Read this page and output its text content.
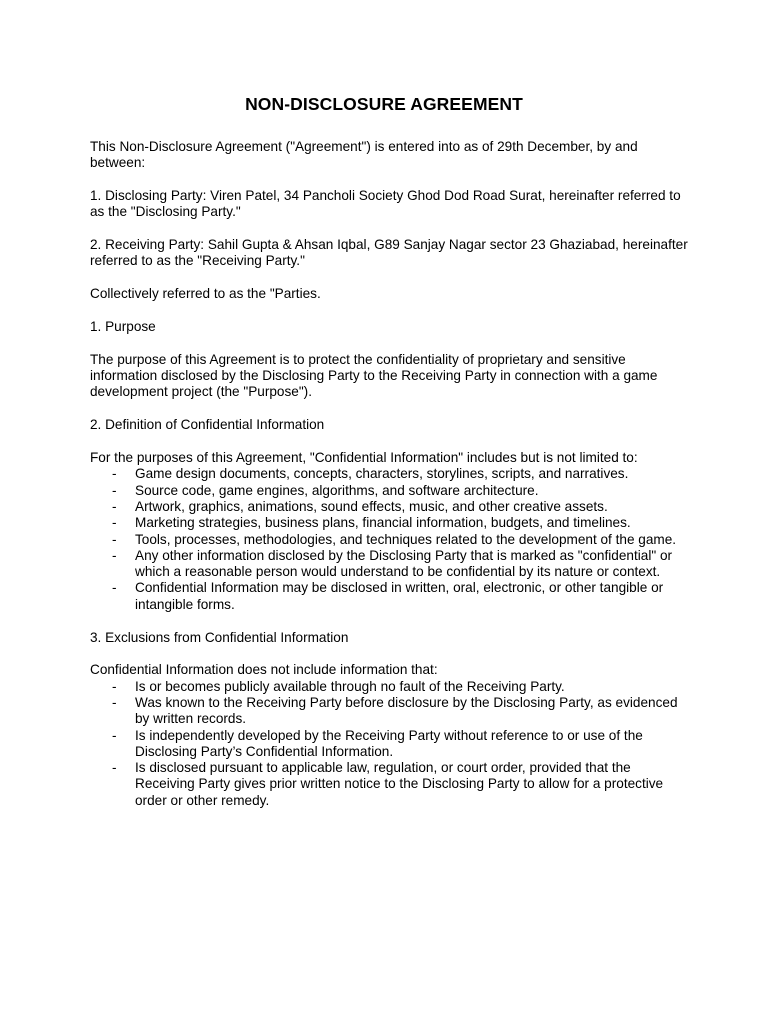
NON-DISCLOSURE AGREEMENT

This Non-Disclosure Agreement ("Agreement") is entered into as of 29th December, by and between:

1. Disclosing Party: Viren Patel, 34 Pancholi Society Ghod Dod Road Surat, hereinafter referred to as the "Disclosing Party."

2. Receiving Party: Sahil Gupta & Ahsan Iqbal, G89 Sanjay Nagar sector 23 Ghaziabad, hereinafter referred to as the "Receiving Party."

Collectively referred to as the "Parties.

1. Purpose

The purpose of this Agreement is to protect the confidentiality of proprietary and sensitive information disclosed by the Disclosing Party to the Receiving Party in connection with a game development project (the "Purpose").

2. Definition of Confidential Information

For the purposes of this Agreement, "Confidential Information" includes but is not limited to:

- Game design documents, concepts, characters, storylines, scripts, and narratives.
- Source code, game engines, algorithms, and software architecture.
- Artwork, graphics, animations, sound effects, music, and other creative assets.
- Marketing strategies, business plans, financial information, budgets, and timelines.
- Tools, processes, methodologies, and techniques related to the development of the game.
- Any other information disclosed by the Disclosing Party that is marked as "confidential" or which a reasonable person would understand to be confidential by its nature or context.
- Confidential Information may be disclosed in written, oral, electronic, or other tangible or intangible forms.

3. Exclusions from Confidential Information

Confidential Information does not include information that:

- Is or becomes publicly available through no fault of the Receiving Party.
- Was known to the Receiving Party before disclosure by the Disclosing Party, as evidenced by written records.
- Is independently developed by the Receiving Party without reference to or use of the Disclosing Party’s Confidential Information.
- Is disclosed pursuant to applicable law, regulation, or court order, provided that the Receiving Party gives prior written notice to the Disclosing Party to allow for a protective order or other remedy.
